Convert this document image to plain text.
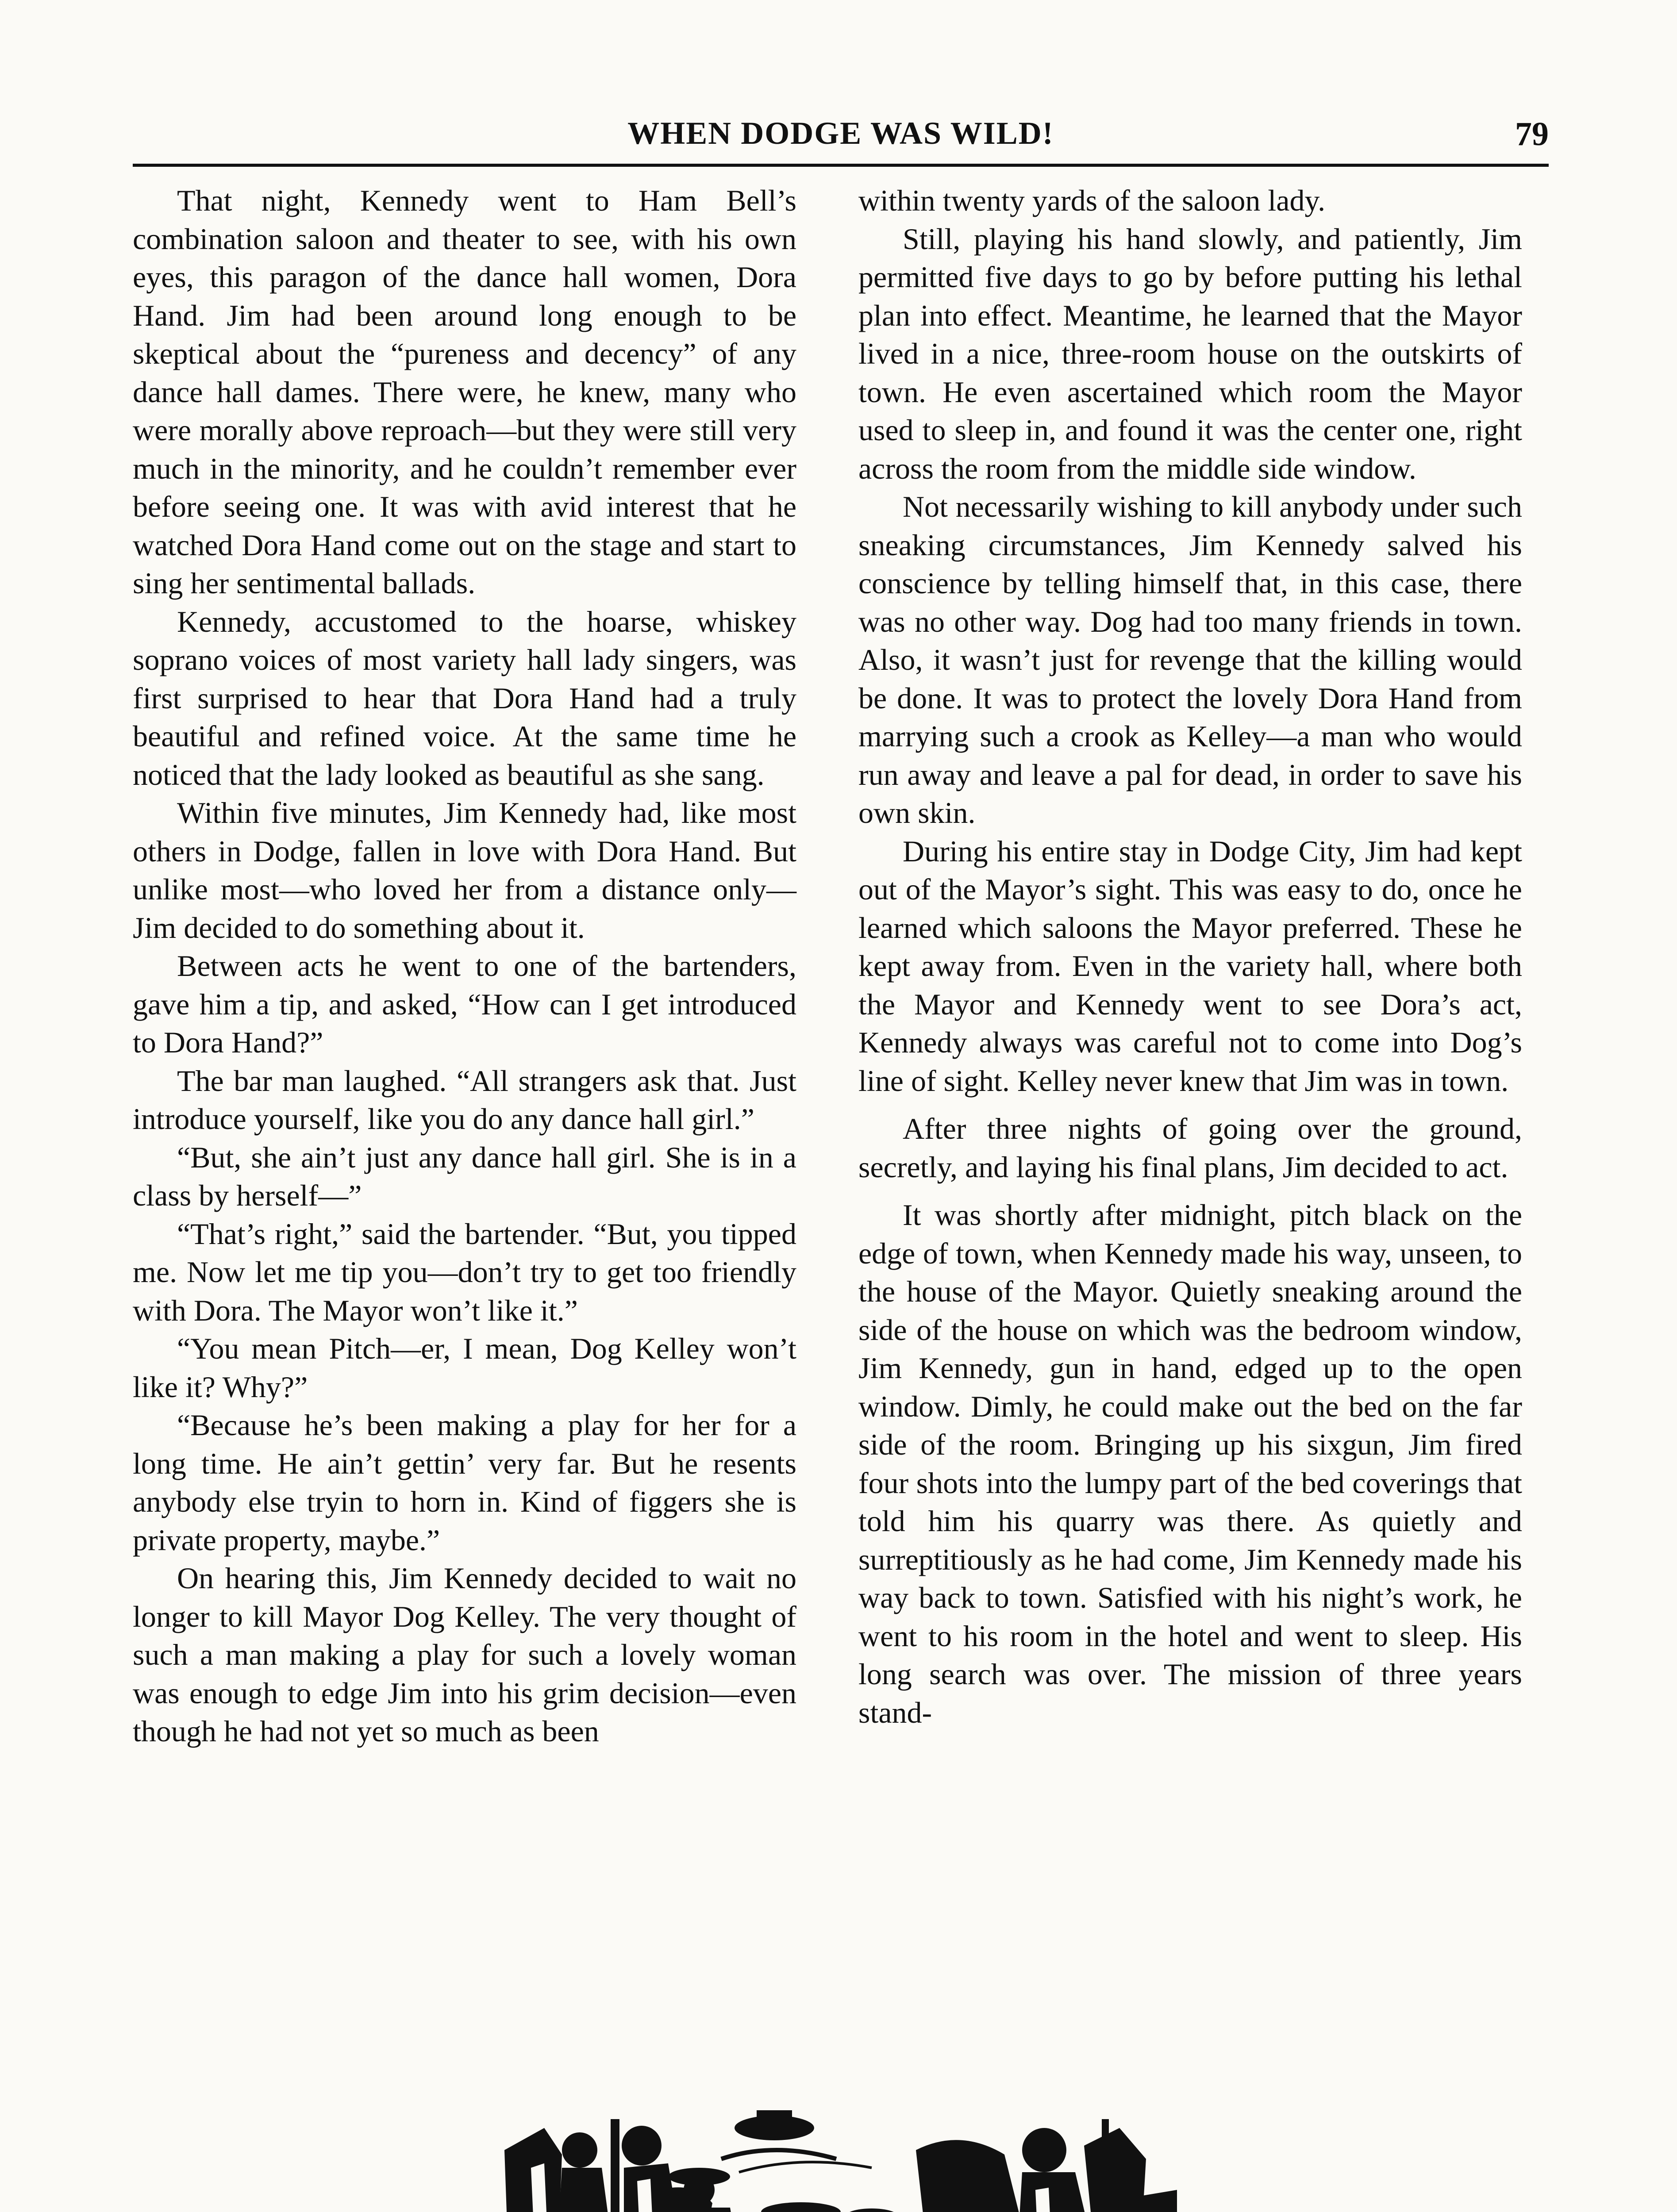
WHEN DODGE WAS WILD!	79

That night, Kennedy went to Ham Bell’s combination saloon and theater to see, with his own eyes, this paragon of the dance hall women, Dora Hand. Jim had been around long enough to be skeptical about the “pureness and decency” of any dance hall dames. There were, he knew, many who were morally above reproach—but they were still very much in the minority, and he couldn’t remember ever before seeing one. It was with avid interest that he watched Dora Hand come out on the stage and start to sing her sentimental ballads.

Kennedy, accustomed to the hoarse, whiskey soprano voices of most variety hall lady singers, was first surprised to hear that Dora Hand had a truly beautiful and refined voice. At the same time he noticed that the lady looked as beautiful as she sang.

Within five minutes, Jim Kennedy had, like most others in Dodge, fallen in love with Dora Hand. But unlike most—who loved her from a distance only—Jim decided to do something about it.

Between acts he went to one of the bartenders, gave him a tip, and asked, “How can I get introduced to Dora Hand?”

The bar man laughed. “All strangers ask that. Just introduce yourself, like you do any dance hall girl.”

“But, she ain’t just any dance hall girl. She is in a class by herself—”

“That’s right,” said the bartender. “But, you tipped me. Now let me tip you—don’t try to get too friendly with Dora. The Mayor won’t like it.”

“You mean Pitch—er, I mean, Dog Kelley won’t like it? Why?”

“Because he’s been making a play for her for a long time. He ain’t gettin’ very far. But he resents anybody else tryin to horn in. Kind of figgers she is private property, maybe.”

On hearing this, Jim Kennedy decided to wait no longer to kill Mayor Dog Kelley. The very thought of such a man making a play for such a lovely woman was enough to edge Jim into his grim decision—even though he had not yet so much as been

within twenty yards of the saloon lady.

Still, playing his hand slowly, and patiently, Jim permitted five days to go by before putting his lethal plan into effect. Meantime, he learned that the Mayor lived in a nice, three-room house on the outskirts of town. He even ascertained which room the Mayor used to sleep in, and found it was the center one, right across the room from the middle side window.

Not necessarily wishing to kill anybody under such sneaking circumstances, Jim Kennedy salved his conscience by telling himself that, in this case, there was no other way. Dog had too many friends in town. Also, it wasn’t just for revenge that the killing would be done. It was to protect the lovely Dora Hand from marrying such a crook as Kelley—a man who would run away and leave a pal for dead, in order to save his own skin.

During his entire stay in Dodge City, Jim had kept out of the Mayor’s sight. This was easy to do, once he learned which saloons the Mayor preferred. These he kept away from. Even in the variety hall, where both the Mayor and Kennedy went to see Dora’s act, Kennedy always was careful not to come into Dog’s line of sight. Kelley never knew that Jim was in town.

After three nights of going over the ground, secretly, and laying his final plans, Jim decided to act.

It was shortly after midnight, pitch black on the edge of town, when Kennedy made his way, unseen, to the house of the Mayor. Quietly sneaking around the side of the house on which was the bedroom window, Jim Kennedy, gun in hand, edged up to the open window. Dimly, he could make out the bed on the far side of the room. Bringing up his sixgun, Jim fired four shots into the lumpy part of the bed coverings that told him his quarry was there. As quietly and surreptitiously as he had come, Jim Kennedy made his way back to town. Satisfied with his night’s work, he went to his room in the hotel and went to sleep. His long search was over. The mission of three years stand-
